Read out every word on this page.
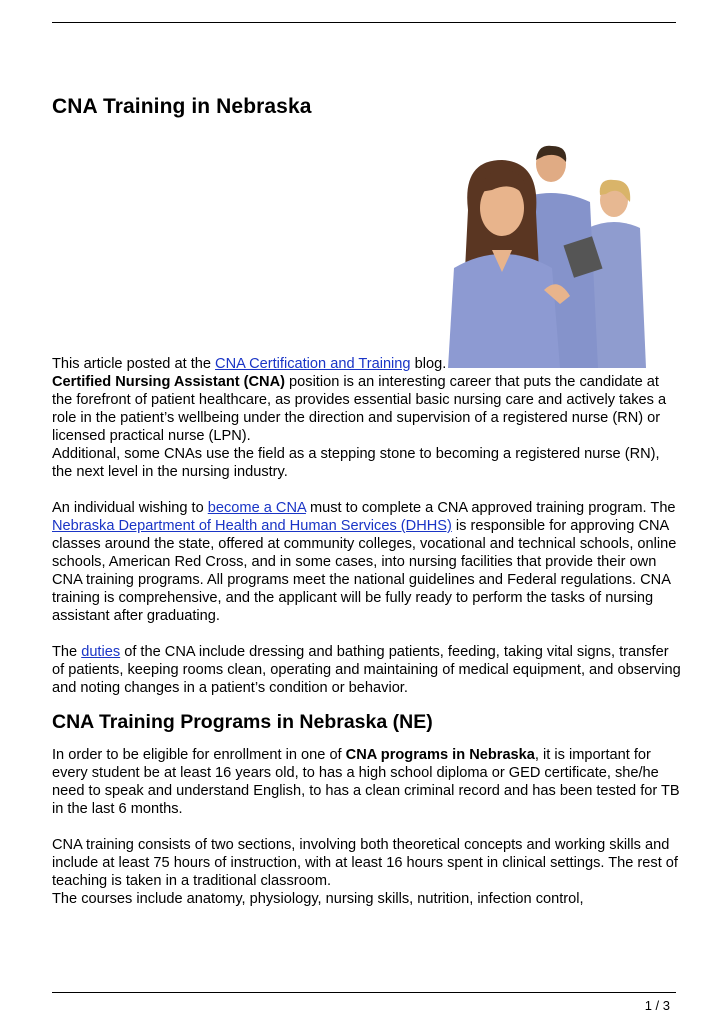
CNA Training in Nebraska

This article posted at the CNA Certification and Training blog.

Certified Nursing Assistant (CNA) position is an interesting career that puts the candidate at the forefront of patient healthcare, as provides essential basic nursing care and actively takes a role in the patient’s wellbeing under the direction and supervision of a registered nurse (RN) or licensed practical nurse (LPN).

Additional, some CNAs use the field as a stepping stone to becoming a registered nurse (RN), the next level in the nursing industry.

An individual wishing to become a CNA must to complete a CNA approved training program. The Nebraska Department of Health and Human Services (DHHS) is responsible for approving CNA classes around the state, offered at community colleges, vocational and technical schools, online schools, American Red Cross, and in some cases, into nursing facilities that provide their own CNA training programs. All programs meet the national guidelines and Federal regulations. CNA training is comprehensive, and the applicant will be fully ready to perform the tasks of nursing assistant after graduating.

The duties of the CNA include dressing and bathing patients, feeding, taking vital signs, transfer of patients, keeping rooms clean, operating and maintaining of medical equipment, and observing and noting changes in a patient’s condition or behavior.

CNA Training Programs in Nebraska (NE)

In order to be eligible for enrollment in one of CNA programs in Nebraska, it is important for every student be at least 16 years old, to has a high school diploma or GED certificate, she/he need to speak and understand English, to has a clean criminal record and has been tested for TB in the last 6 months.

CNA training consists of two sections, involving both theoretical concepts and working skills and include at least 75 hours of instruction, with at least 16 hours spent in clinical settings. The rest of teaching is taken in a traditional classroom.

The courses include anatomy, physiology, nursing skills, nutrition, infection control,

1 / 3
